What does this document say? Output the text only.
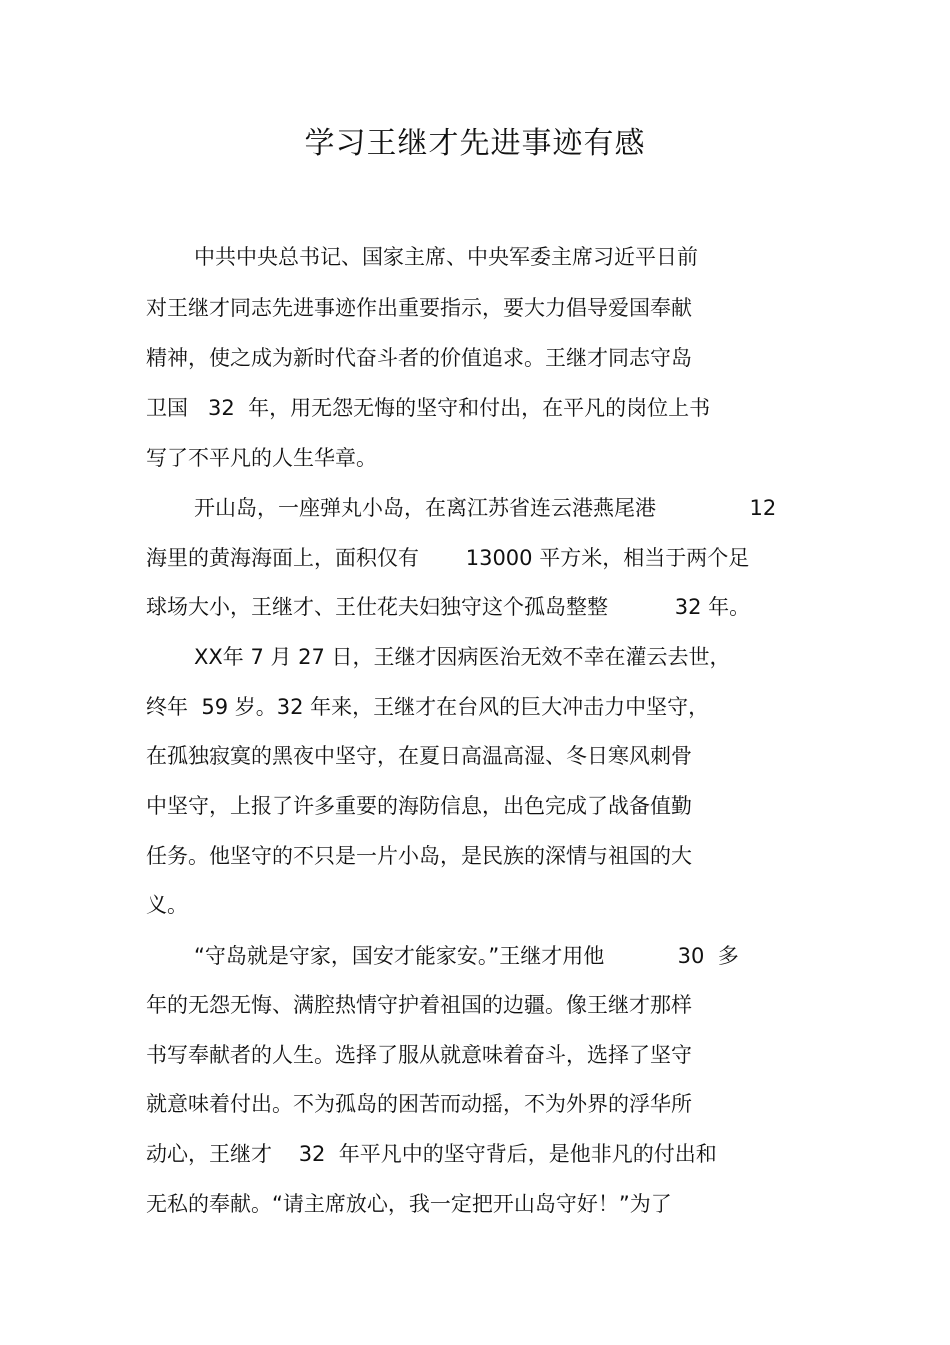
学习王继才先进事迹有感
中共中央总书记、国家主席、中央军委主席习近平日前
对王继才同志先进事迹作出重要指示，要大力倡导爱国奉献
精神，使之成为新时代奋斗者的价值追求。王继才同志守岛
卫国   32  年，用无怨无悔的坚守和付出，在平凡的岗位上书
写了不平凡的人生华章。
开山岛，一座弹丸小岛，在离江苏省连云港燕尾港              12
海里的黄海海面上，面积仅有       13000 平方米，相当于两个足
球场大小，王继才、王仕花夫妇独守这个孤岛整整          32 年。
XX年 7 月 27 日，王继才因病医治无效不幸在灌云去世，
终年  59 岁。32 年来，王继才在台风的巨大冲击力中坚守，
在孤独寂寞的黑夜中坚守，在夏日高温高湿、冬日寒风刺骨
中坚守，上报了许多重要的海防信息，出色完成了战备值勤
任务。他坚守的不只是一片小岛，是民族的深情与祖国的大
义。
“守岛就是守家，国安才能家安。”王继才用他           30  多
年的无怨无悔、满腔热情守护着祖国的边疆。像王继才那样
书写奉献者的人生。选择了服从就意味着奋斗，选择了坚守
就意味着付出。不为孤岛的困苦而动摇，不为外界的浮华所
动心，王继才    32  年平凡中的坚守背后，是他非凡的付出和
无私的奉献。“请主席放心，我一定把开山岛守好！”为了
